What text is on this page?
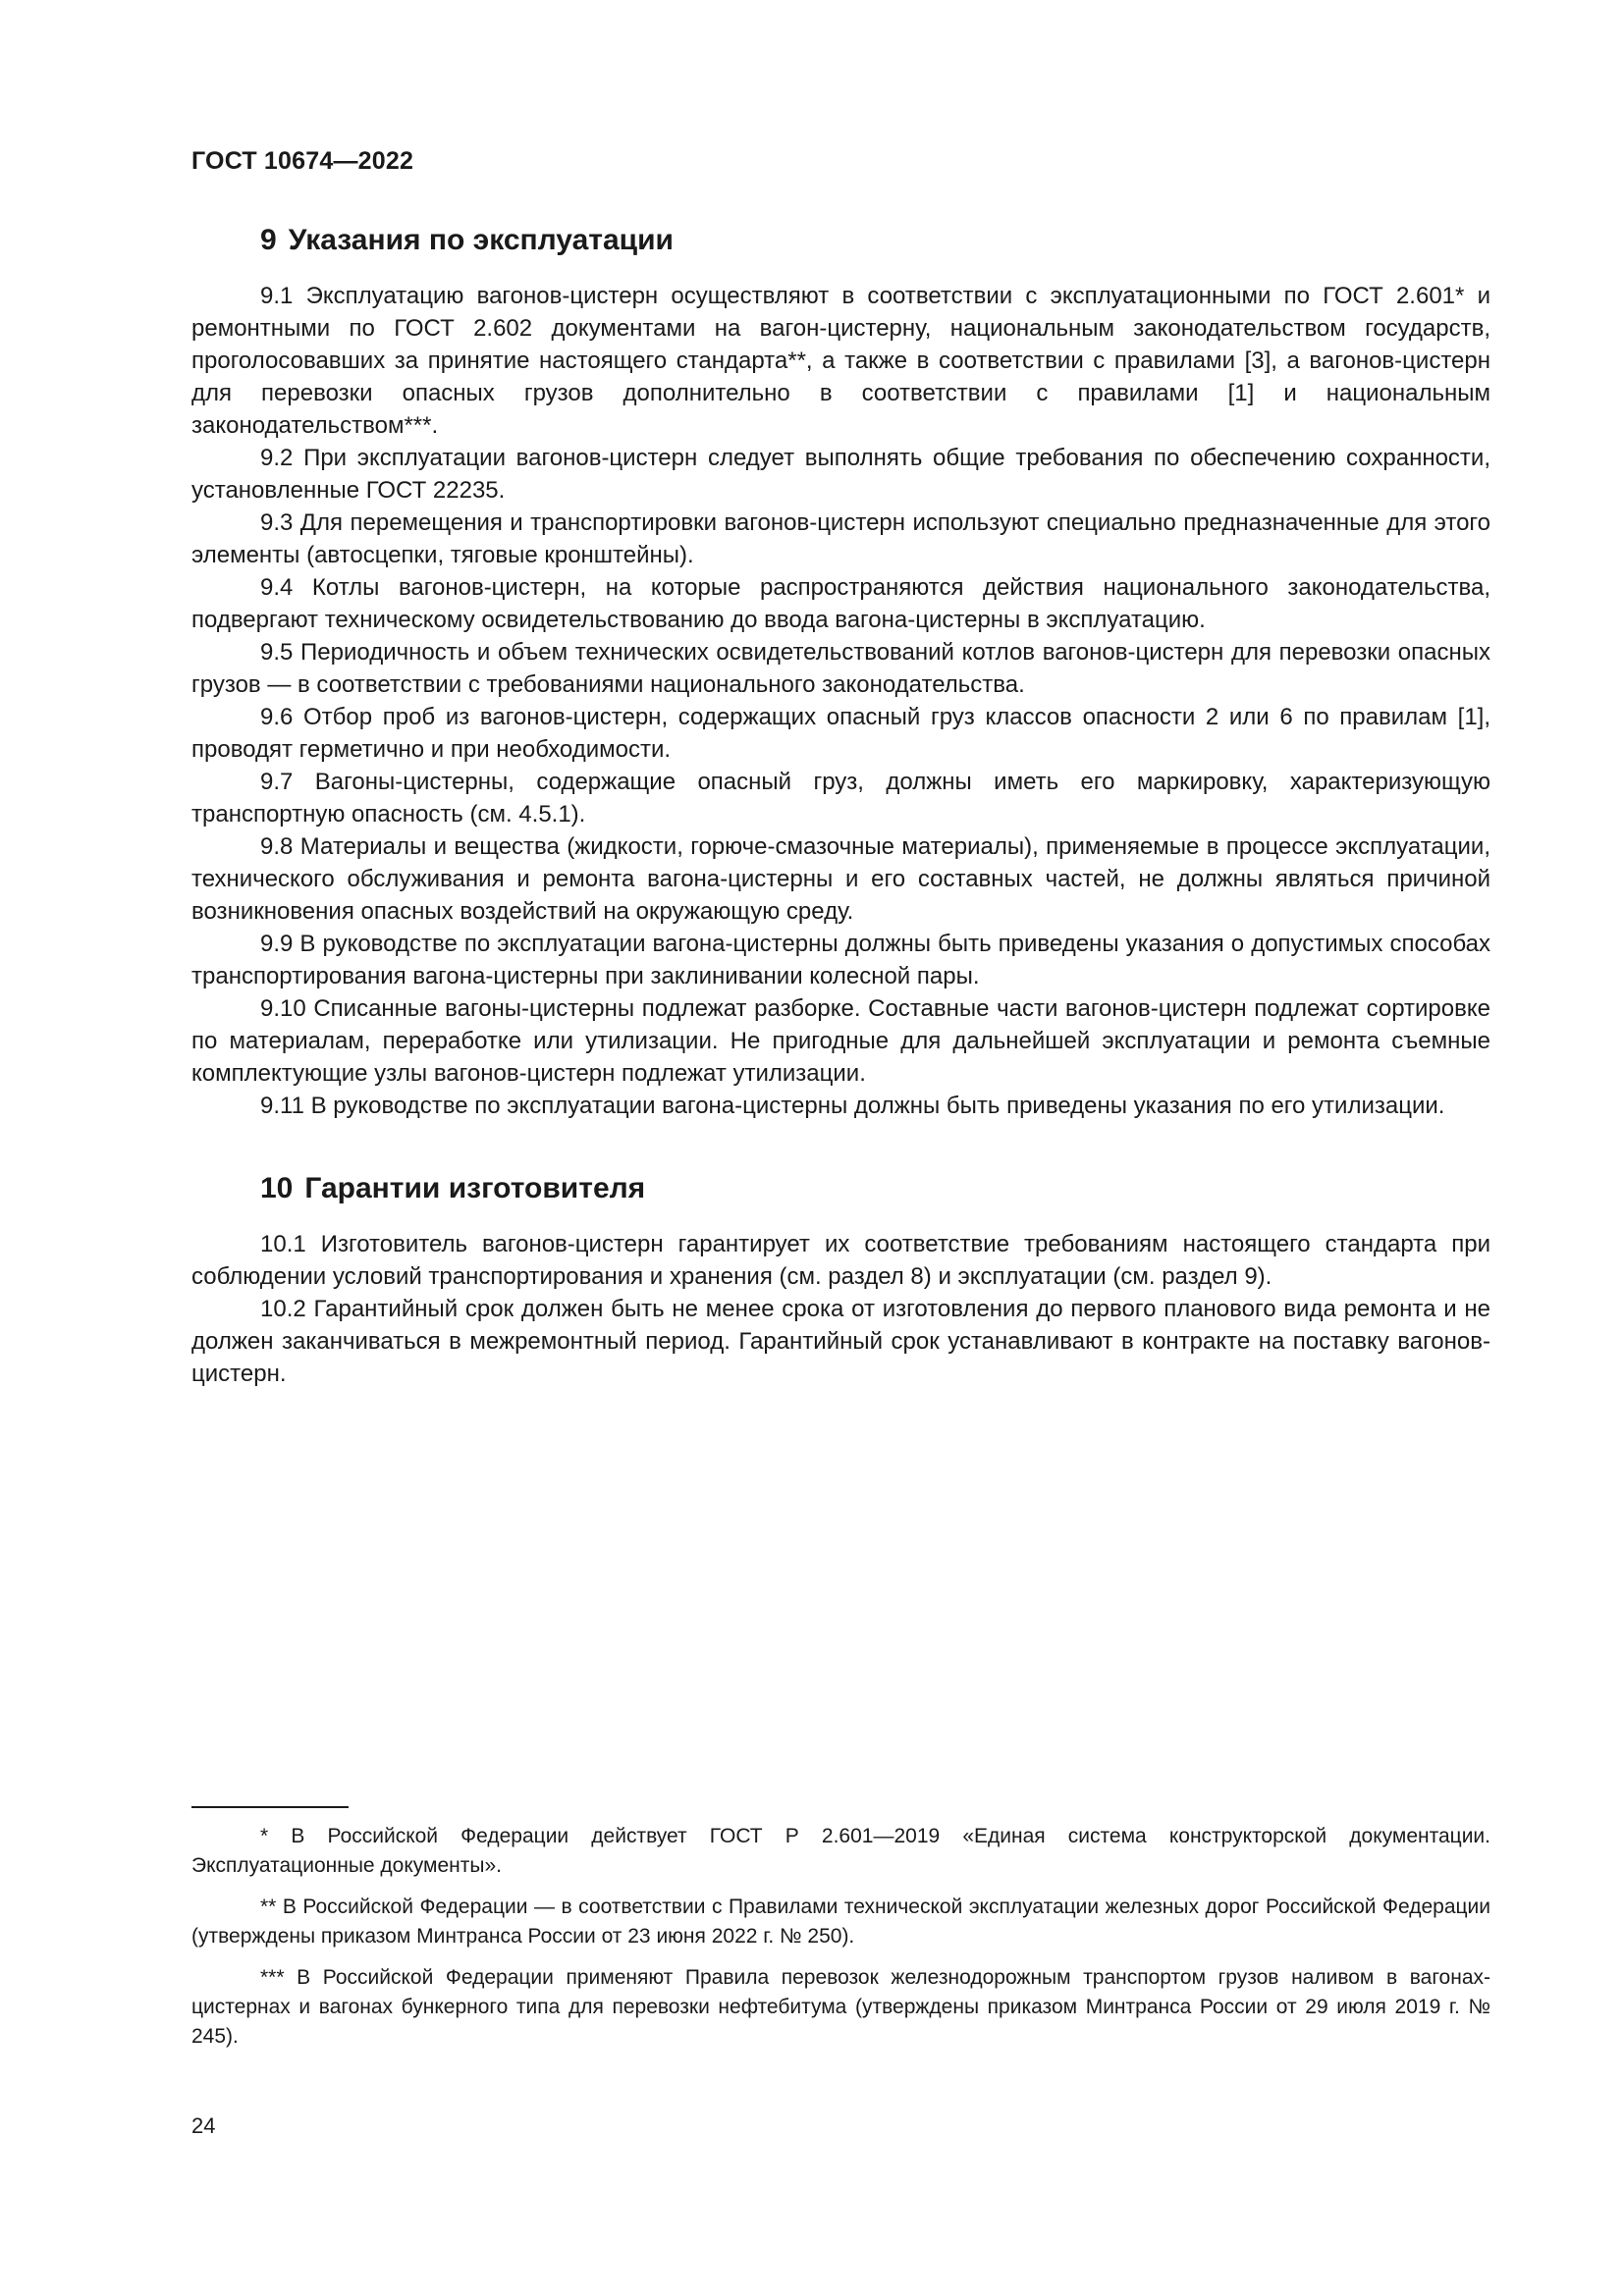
ГОСТ 10674—2022
9 Указания по эксплуатации

9.1 Эксплуатацию вагонов-цистерн осуществляют в соответствии с эксплуатационными по ГОСТ 2.601* и ремонтными по ГОСТ 2.602 документами на вагон-цистерну, национальным законодательством государств, проголосовавших за принятие настоящего стандарта**, а также в соответствии с правилами [3], а вагонов-цистерн для перевозки опасных грузов дополнительно в соответствии с правилами [1] и национальным законодательством***.

9.2 При эксплуатации вагонов-цистерн следует выполнять общие требования по обеспечению сохранности, установленные ГОСТ 22235.

9.3 Для перемещения и транспортировки вагонов-цистерн используют специально предназначенные для этого элементы (автосцепки, тяговые кронштейны).

9.4 Котлы вагонов-цистерн, на которые распространяются действия национального законодательства, подвергают техническому освидетельствованию до ввода вагона-цистерны в эксплуатацию.

9.5 Периодичность и объем технических освидетельствований котлов вагонов-цистерн для перевозки опасных грузов — в соответствии с требованиями национального законодательства.

9.6 Отбор проб из вагонов-цистерн, содержащих опасный груз классов опасности 2 или 6 по правилам [1], проводят герметично и при необходимости.

9.7 Вагоны-цистерны, содержащие опасный груз, должны иметь его маркировку, характеризующую транспортную опасность (см. 4.5.1).

9.8 Материалы и вещества (жидкости, горюче-смазочные материалы), применяемые в процессе эксплуатации, технического обслуживания и ремонта вагона-цистерны и его составных частей, не должны являться причиной возникновения опасных воздействий на окружающую среду.

9.9 В руководстве по эксплуатации вагона-цистерны должны быть приведены указания о допустимых способах транспортирования вагона-цистерны при заклинивании колесной пары.

9.10 Списанные вагоны-цистерны подлежат разборке. Составные части вагонов-цистерн подлежат сортировке по материалам, переработке или утилизации. Не пригодные для дальнейшей эксплуатации и ремонта съемные комплектующие узлы вагонов-цистерн подлежат утилизации.

9.11 В руководстве по эксплуатации вагона-цистерны должны быть приведены указания по его утилизации.

10 Гарантии изготовителя

10.1 Изготовитель вагонов-цистерн гарантирует их соответствие требованиям настоящего стандарта при соблюдении условий транспортирования и хранения (см. раздел 8) и эксплуатации (см. раздел 9).

10.2 Гарантийный срок должен быть не менее срока от изготовления до первого планового вида ремонта и не должен заканчиваться в межремонтный период. Гарантийный срок устанавливают в контракте на поставку вагонов-цистерн.

* В Российской Федерации действует ГОСТ Р 2.601—2019 «Единая система конструкторской документации. Эксплуатационные документы».

** В Российской Федерации — в соответствии с Правилами технической эксплуатации железных дорог Российской Федерации (утверждены приказом Минтранса России от 23 июня 2022 г. № 250).

*** В Российской Федерации применяют Правила перевозок железнодорожным транспортом грузов наливом в вагонах-цистернах и вагонах бункерного типа для перевозки нефтебитума (утверждены приказом Минтранса России от 29 июля 2019 г. № 245).

24
